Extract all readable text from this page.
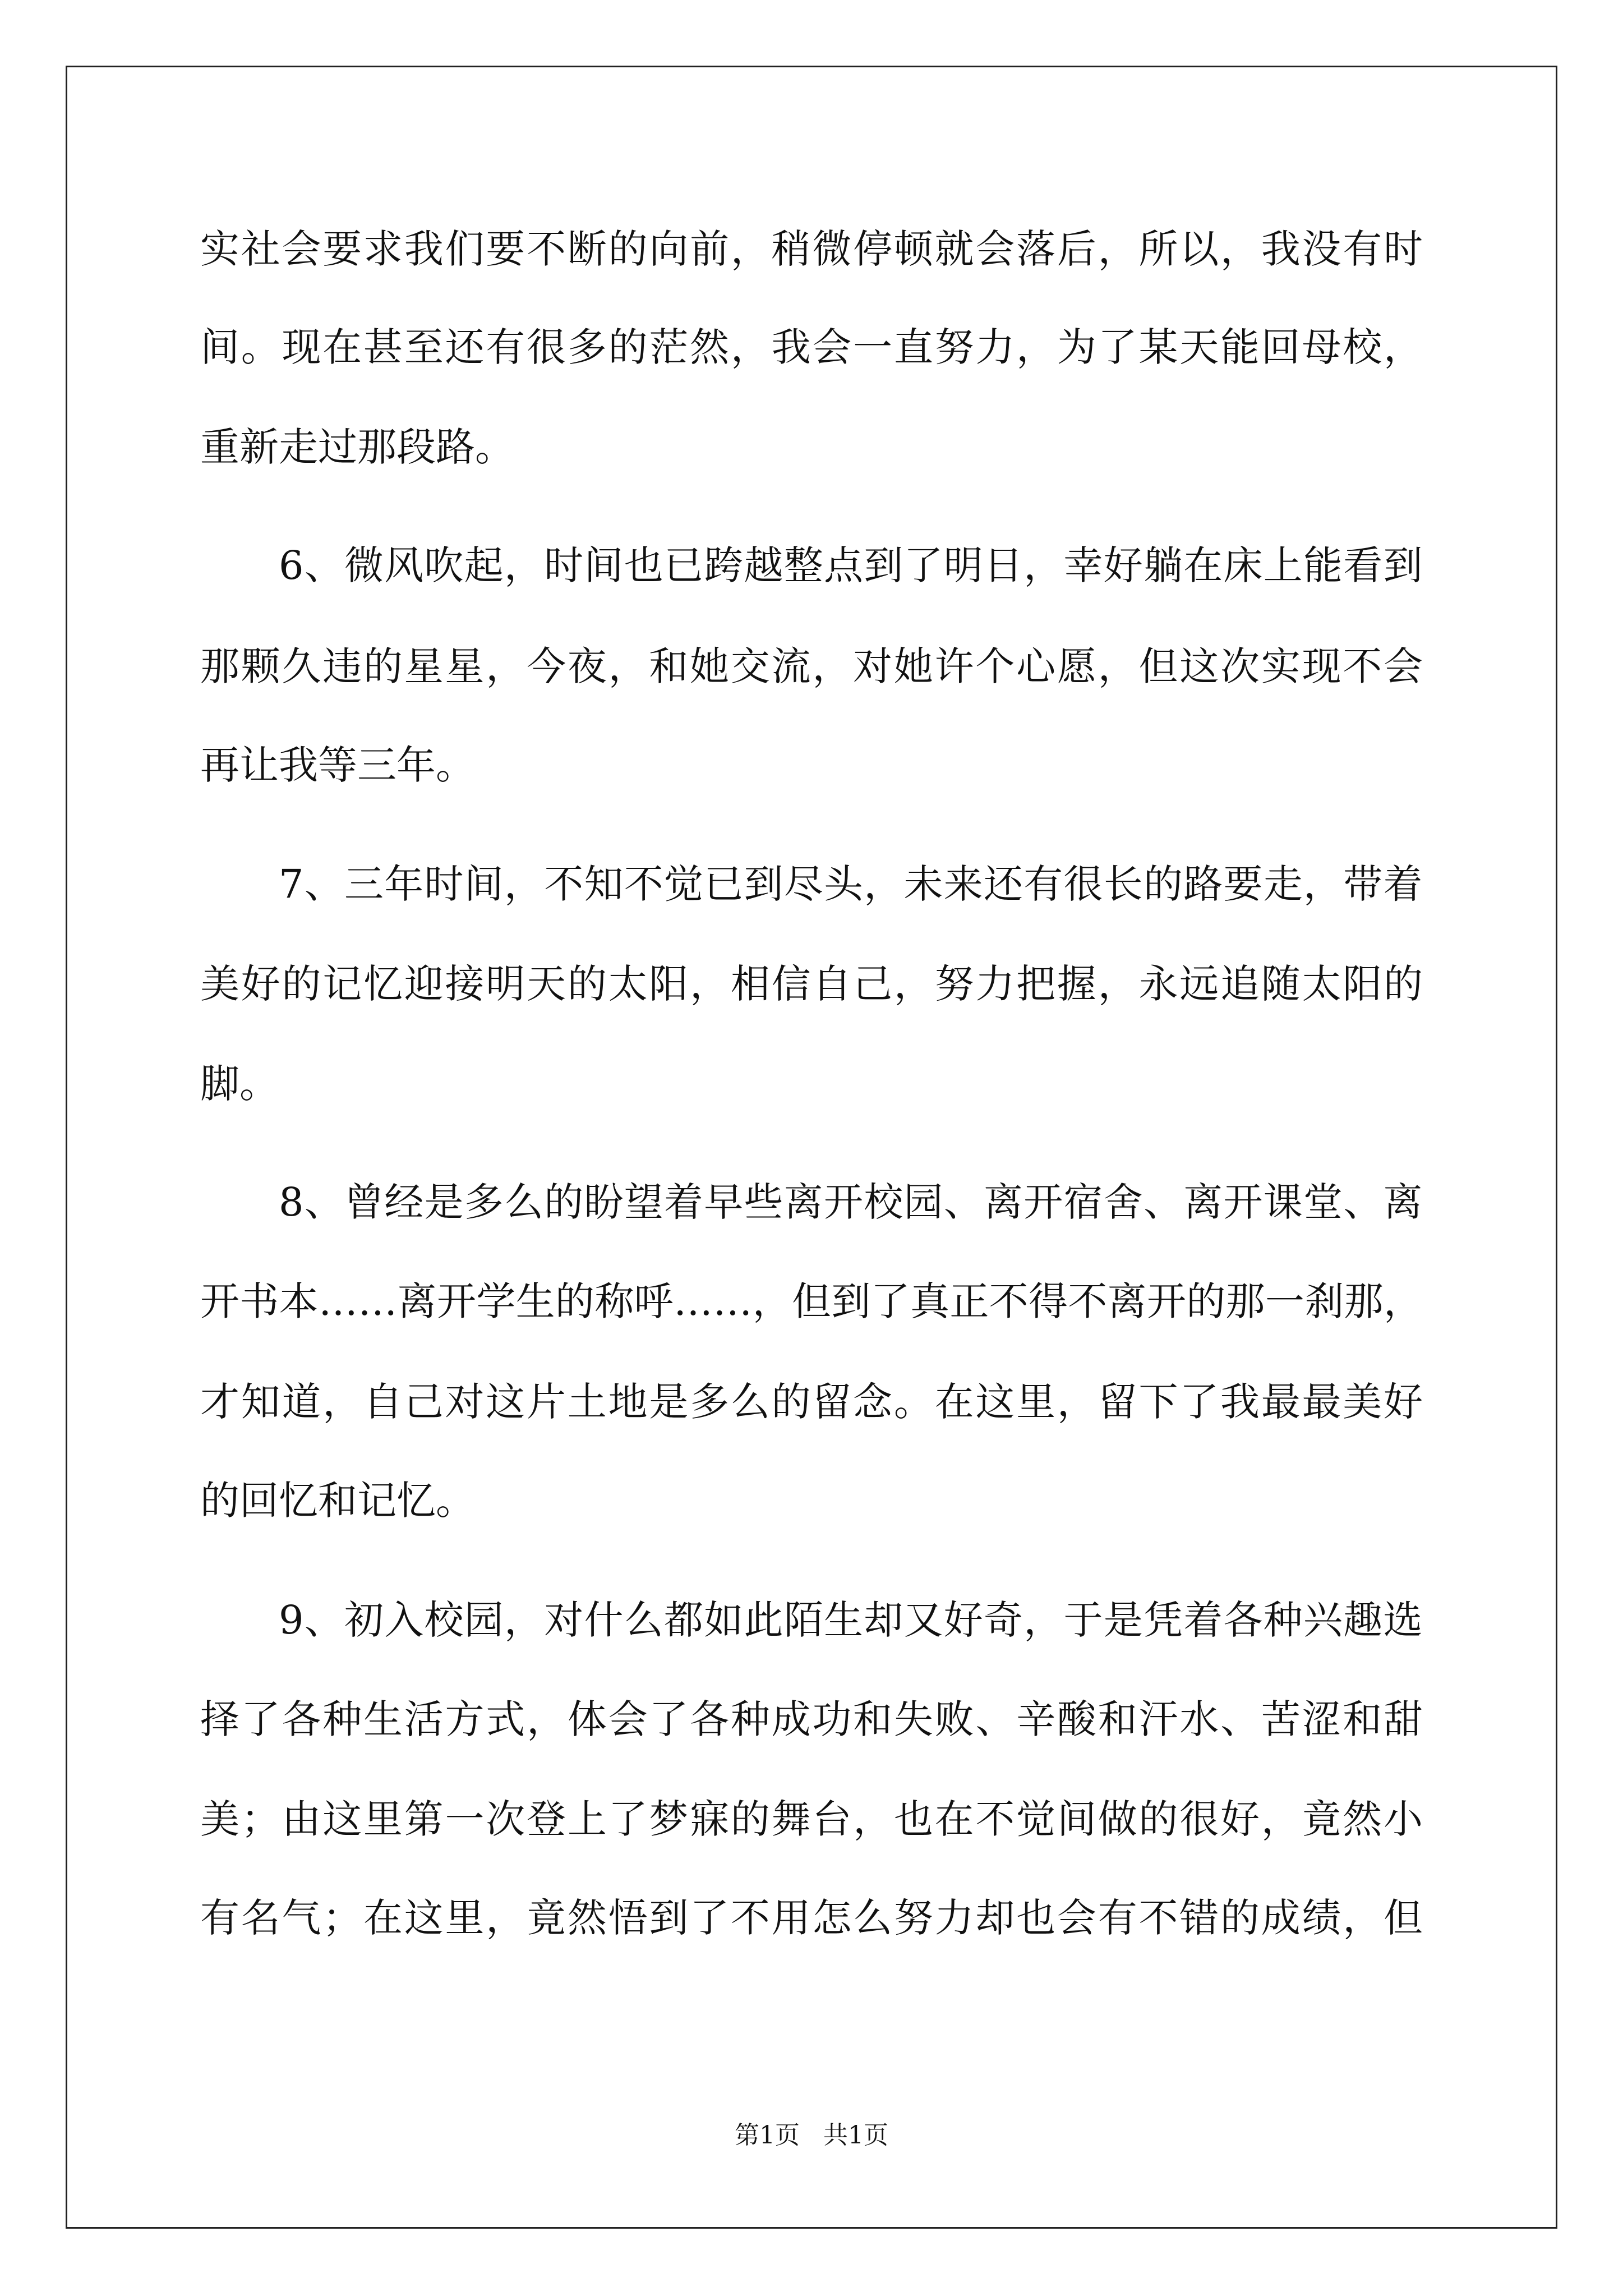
实社会要求我们要不断的向前，稍微停顿就会落后，所以，我没有时
间。现在甚至还有很多的茫然，我会一直努力，为了某天能回母校，
重新走过那段路。
6、微风吹起，时间也已跨越整点到了明日，幸好躺在床上能看到
那颗久违的星星，今夜，和她交流，对她许个心愿，但这次实现不会
再让我等三年。
7、三年时间，不知不觉已到尽头，未来还有很长的路要走，带着
美好的记忆迎接明天的太阳，相信自己，努力把握，永远追随太阳的
脚。
8、曾经是多么的盼望着早些离开校园、离开宿舍、离开课堂、离
开书本……离开学生的称呼……，但到了真正不得不离开的那一刹那，
才知道，自己对这片土地是多么的留念。在这里，留下了我最最美好
的回忆和记忆。
9、初入校园，对什么都如此陌生却又好奇，于是凭着各种兴趣选
择了各种生活方式，体会了各种成功和失败、辛酸和汗水、苦涩和甜
美；由这里第一次登上了梦寐的舞台，也在不觉间做的很好，竟然小
有名气；在这里，竟然悟到了不用怎么努力却也会有不错的成绩，但
第1页   共1页
